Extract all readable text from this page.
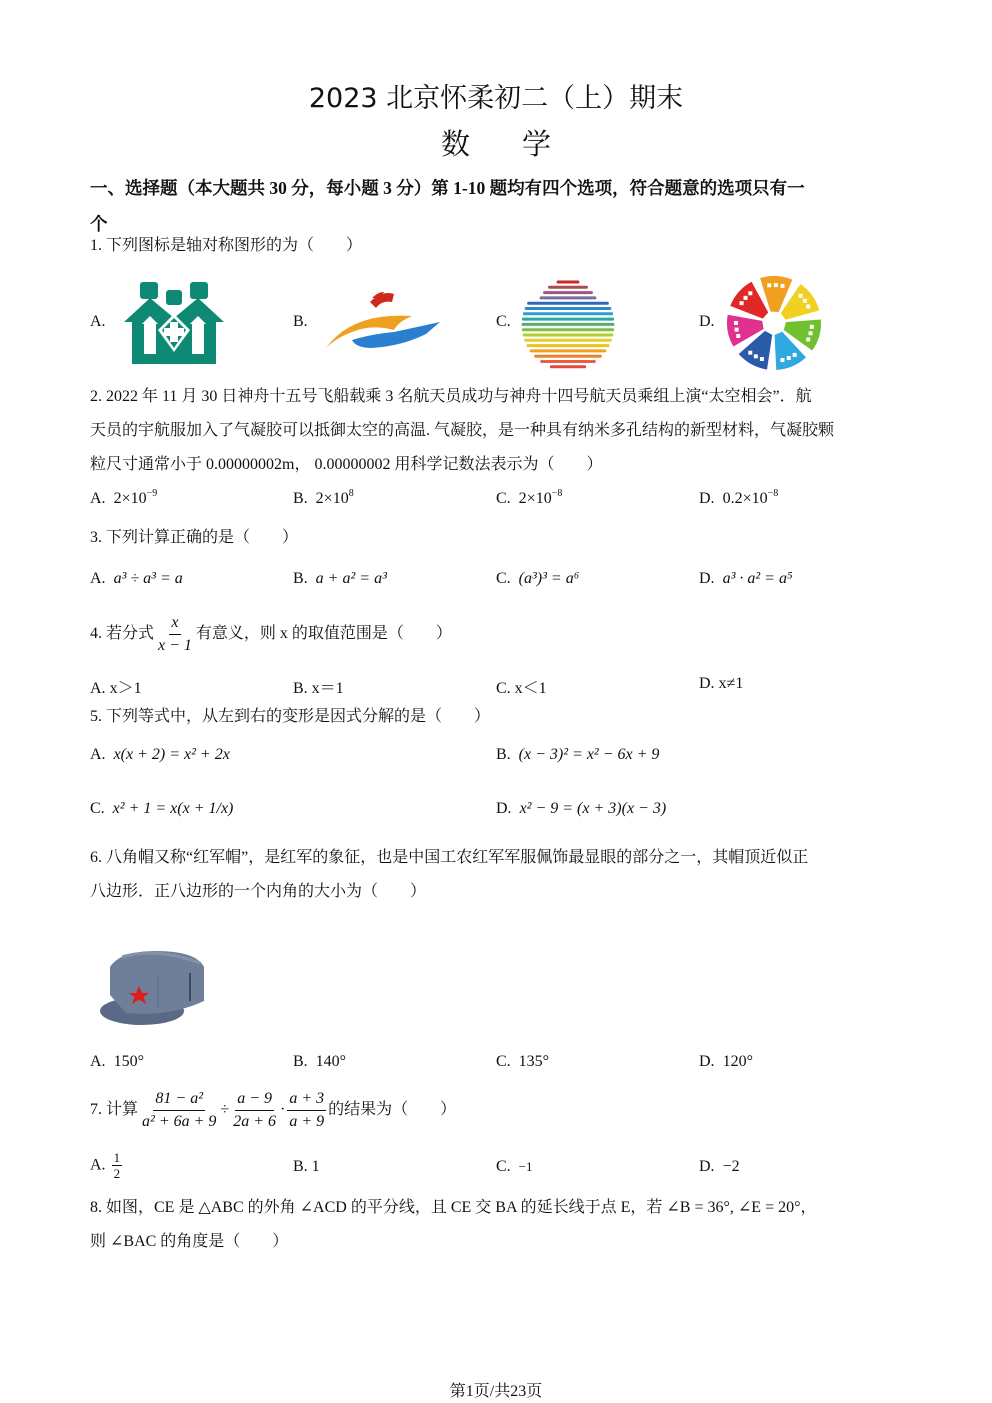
2023 北京怀柔初二（上）期末
数 学
一、选择题（本大题共 30 分，每小题 3 分）第 1-10 题均有四个选项，符合题意的选项只有一
个
1. 下列图标是轴对称图形的为（　　）
A.	B.	C.	D.
2. 2022 年 11 月 30 日神舟十五号飞船载乘 3 名航天员成功与神舟十四号航天员乘组上演“太空相会”．航
天员的宇航服加入了气凝胶可以抵御太空的高温. 气凝胶，是一种具有纳米多孔结构的新型材料，气凝胶颗
粒尺寸通常小于 0.00000002m， 0.00000002 用科学记数法表示为（　　）
A. $2\times 10^{-9}$	B. $2\times 10^8$	C. $2\times 10^{-8}$	D. $0.2\times 10^{-8}$
3. 下列计算正确的是（　　）
A. a³ ÷ a³ = a	B. a + a² = a³	C. (a³)³ = a⁶	D. a³ · a² = a⁵
4. 若分式 $\frac{x}{x - 1}$ 有意义，则 x 的取值范围是（　　）
A. x＞1	B. x＝1	C. x＜1	D. x≠1
5. 下列等式中，从左到右的变形是因式分解的是（　　）
A. x(x + 2) = x² + 2x	B. (x − 3)² = x² − 6x + 9
C. x² + 1 = x(x + 1/x)	D. x² − 9 = (x + 3)(x − 3)
6. 八角帽又称“红军帽”，是红军的象征，也是中国工农红军军服佩饰最显眼的部分之一，其帽顶近似正
八边形．正八边形的一个内角的大小为（　　）
A. 150°	B. 140°	C. 135°	D. 120°
7. 计算 $\frac{\text{81 − a²}}{\text{a² + 6a + 9}} \div \frac{a - 9}{2a + 6} \cdot \frac{a + 3}{a + 9}$ 的结果为（　　）
A. $\frac{1}{2}$	B. 1	C. −1	D. −2
8. 如图，CE 是 △ABC 的外角 ∠ACD 的平分线，且 CE 交 BA 的延长线于点 E，若 ∠B = 36°, ∠E = 20°，
则 ∠BAC 的角度是（　　）
第1页/共23页
